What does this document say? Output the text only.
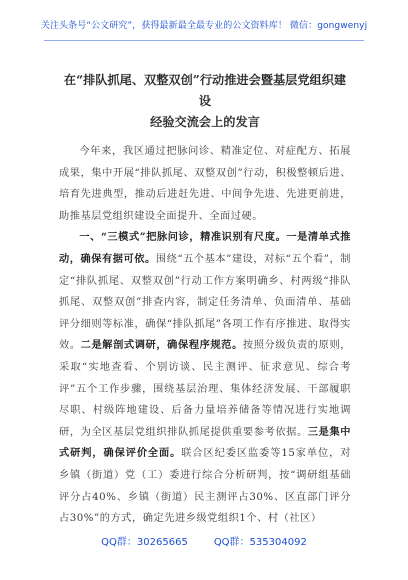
关注头条号“公文研究”，获得最新最全最专业的公文资料库！ 微信：gongwenyj
在“排队抓尾、双整双创”行动推进会暨基层党组织建设
经验交流会上的发言

今年来，我区通过把脉问诊、精准定位、对症配方、拓展成果，集中开展“排队抓尾、双整双创”行动，积极整顿后进、培育先进典型，推动后进赶先进、中间争先进、先进更前进，助推基层党组织建设全面提升、全面过硬。

一、“三模式”把脉问诊，精准识别有尺度。一是清单式推动，确保有据可依。围绕“五个基本”建设，对标“五个看”，制定“排队抓尾、双整双创”行动工作方案明确乡、村两级“排队抓尾、双整双创”排查内容，制定任务清单、负面清单、基础评分细则等标准，确保“排队抓尾”各项工作有序推进、取得实效。二是解剖式调研，确保程序规范。按照分级负责的原则，采取“实地查看、个别访谈、民主测评、征求意见、综合考评”五个工作步骤，围绕基层治理、集体经济发展、干部履职尽职、村级阵地建设、后备力量培养储备等情况进行实地调研，为全区基层党组织排队抓尾提供重要参考依据。三是集中式研判，确保评价全面。联合区纪委区监委等15家单位，对乡镇（街道）党（工）委进行综合分析研判，按“调研组基础评分占40%、乡镇（街道）民主测评占30%、区直部门评分占30%”的方式，确定先进乡级党组织1个、村（社区）

QQ群：30265665	QQ群：535304092
